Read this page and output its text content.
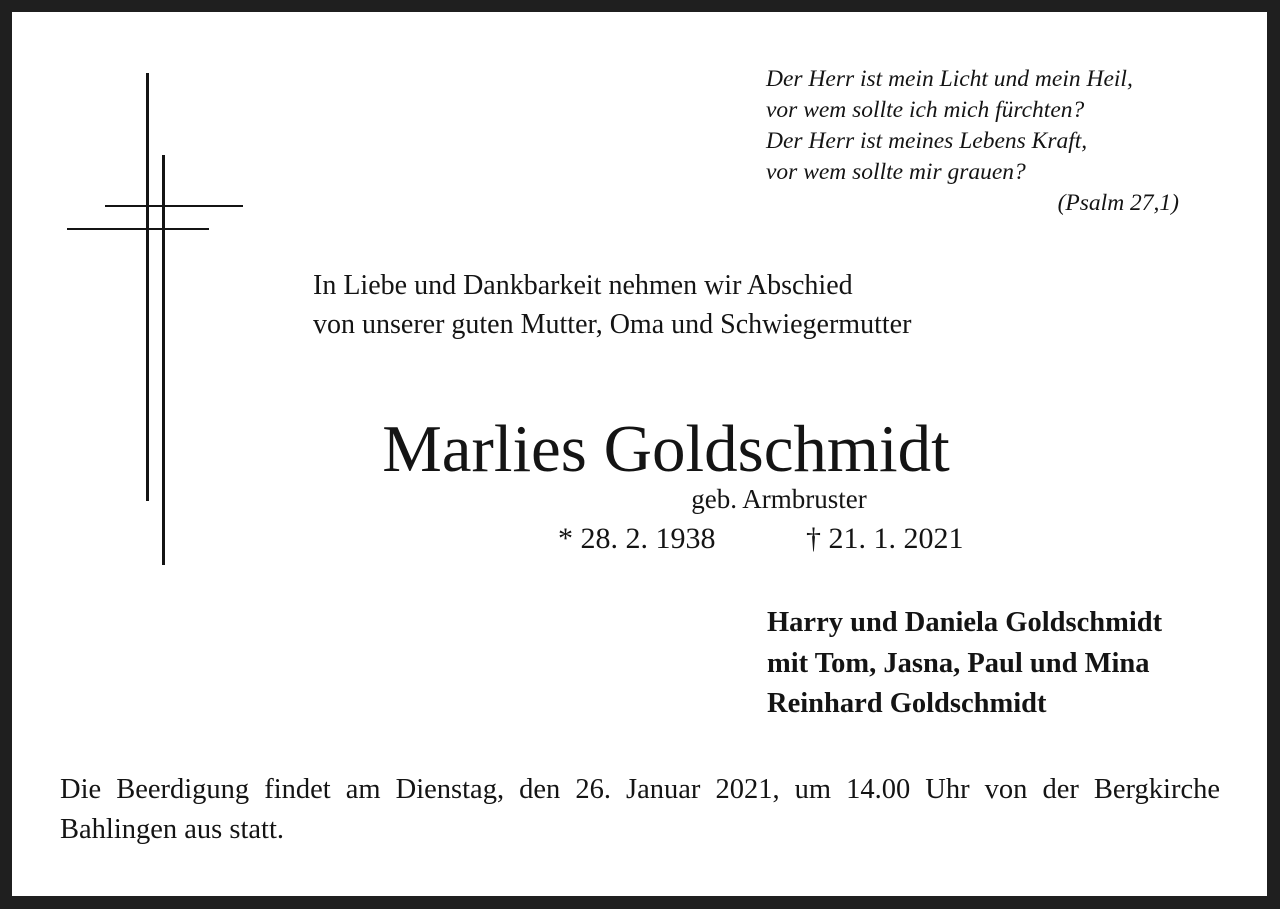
Der Herr ist mein Licht und mein Heil,
vor wem sollte ich mich fürchten?
Der Herr ist meines Lebens Kraft,
vor wem sollte mir grauen?
(Psalm 27,1)
In Liebe und Dankbarkeit nehmen wir Abschied
von unserer guten Mutter, Oma und Schwiegermutter
Marlies Goldschmidt
geb. Armbruster
* 28. 2. 1938	† 21. 1. 2021
Harry und Daniela Goldschmidt
mit Tom, Jasna, Paul und Mina
Reinhard Goldschmidt
Die Beerdigung findet am Dienstag, den 26. Januar 2021, um 14.00 Uhr von der Bergkirche Bahlingen aus statt.
